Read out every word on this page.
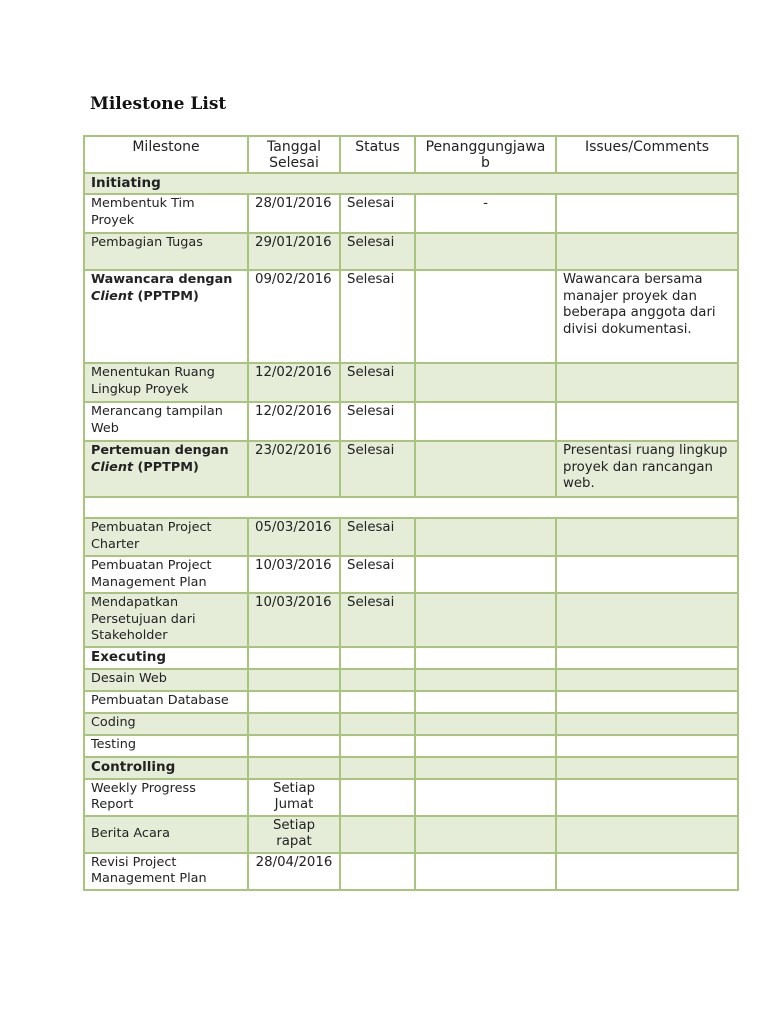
Milestone List
Milestone	Tanggal Selesai	Status	Penanggungjawab	Issues/Comments
Initiating				
Membentuk Tim Proyek	28/01/2016	Selesai	-	
Pembagian Tugas	29/01/2016	Selesai		
Wawancara dengan Client (PPTPM)	09/02/2016	Selesai		Wawancara bersama manajer proyek dan beberapa anggota dari divisi dokumentasi.
Menentukan Ruang Lingkup Proyek	12/02/2016	Selesai		
Merancang tampilan Web	12/02/2016	Selesai		
Pertemuan dengan Client (PPTPM)	23/02/2016	Selesai		Presentasi ruang lingkup proyek dan rancangan web.

Pembuatan Project Charter	05/03/2016	Selesai		
Pembuatan Project Management Plan	10/03/2016	Selesai		
Mendapatkan Persetujuan dari Stakeholder	10/03/2016	Selesai		
Executing				
Desain Web				
Pembuatan Database				
Coding				
Testing				
Controlling				
Weekly Progress Report	Setiap Jumat			
Berita Acara	Setiap rapat			
Revisi Project Management Plan	28/04/2016			
